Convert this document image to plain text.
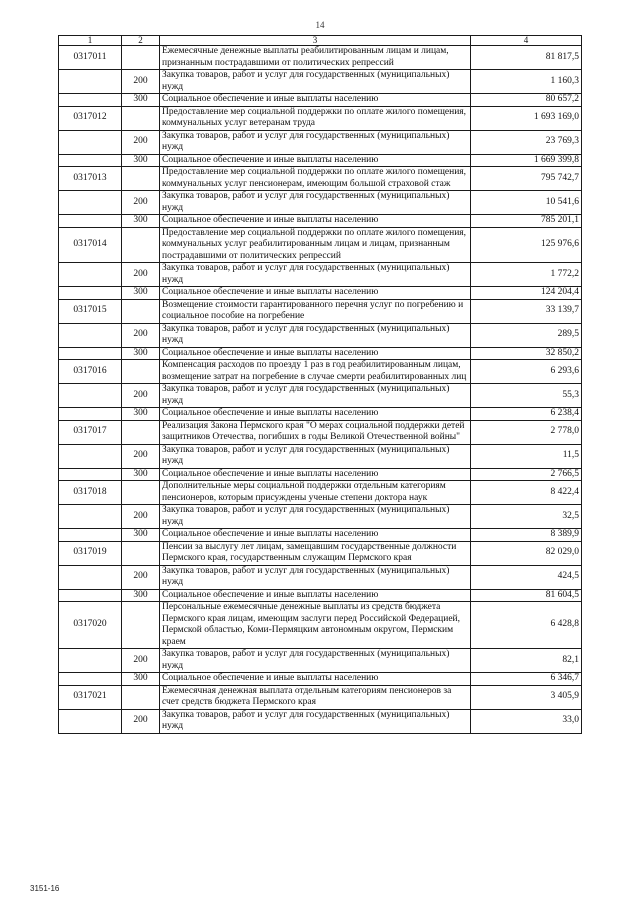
14
1	2	3	4
0317011		Ежемесячные денежные выплаты реабилитированным лицам и лицам, признанным пострадавшими от политических репрессий	81 817,5
	200	Закупка товаров, работ и услуг для государственных (муниципальных) нужд	1 160,3
	300	Социальное обеспечение и иные выплаты населению	80 657,2
0317012		Предоставление мер социальной поддержки по оплате жилого помещения, коммунальных услуг ветеранам труда	1 693 169,0
	200	Закупка товаров, работ и услуг для государственных (муниципальных) нужд	23 769,3
	300	Социальное обеспечение и иные выплаты населению	1 669 399,8
0317013		Предоставление мер социальной поддержки по оплате жилого помещения, коммунальных услуг пенсионерам, имеющим большой страховой стаж	795 742,7
	200	Закупка товаров, работ и услуг для государственных (муниципальных) нужд	10 541,6
	300	Социальное обеспечение и иные выплаты населению	785 201,1
0317014		Предоставление мер социальной поддержки по оплате жилого помещения, коммунальных услуг реабилитированным лицам и лицам, признанным пострадавшими от политических репрессий	125 976,6
	200	Закупка товаров, работ и услуг для государственных (муниципальных) нужд	1 772,2
	300	Социальное обеспечение и иные выплаты населению	124 204,4
0317015		Возмещение стоимости гарантированного перечня услуг по погребению и социальное пособие на погребение	33 139,7
	200	Закупка товаров, работ и услуг для государственных (муниципальных) нужд	289,5
	300	Социальное обеспечение и иные выплаты населению	32 850,2
0317016		Компенсация расходов по проезду 1 раз в год реабилитированным лицам, возмещение затрат на погребение в случае смерти реабилитированных лиц	6 293,6
	200	Закупка товаров, работ и услуг для государственных (муниципальных) нужд	55,3
	300	Социальное обеспечение и иные выплаты населению	6 238,4
0317017		Реализация Закона Пермского края "О мерах социальной поддержки детей защитников Отечества, погибших в годы Великой Отечественной войны"	2 778,0
	200	Закупка товаров, работ и услуг для государственных (муниципальных) нужд	11,5
	300	Социальное обеспечение и иные выплаты населению	2 766,5
0317018		Дополнительные меры социальной поддержки отдельным категориям пенсионеров, которым присуждены ученые степени доктора наук	8 422,4
	200	Закупка товаров, работ и услуг для государственных (муниципальных) нужд	32,5
	300	Социальное обеспечение и иные выплаты населению	8 389,9
0317019		Пенсии за выслугу лет лицам, замещавшим государственные должности Пермского края, государственным служащим Пермского края	82 029,0
	200	Закупка товаров, работ и услуг для государственных (муниципальных) нужд	424,5
	300	Социальное обеспечение и иные выплаты населению	81 604,5
0317020		Персональные ежемесячные денежные выплаты из средств бюджета Пермского края лицам, имеющим заслуги перед Российской Федерацией, Пермской областью, Коми-Пермяцким автономным округом, Пермским краем	6 428,8
	200	Закупка товаров, работ и услуг для государственных (муниципальных) нужд	82,1
	300	Социальное обеспечение и иные выплаты населению	6 346,7
0317021		Ежемесячная денежная выплата отдельным категориям пенсионеров за счет средств бюджета Пермского края	3 405,9
	200	Закупка товаров, работ и услуг для государственных (муниципальных) нужд	33,0
3151-16
